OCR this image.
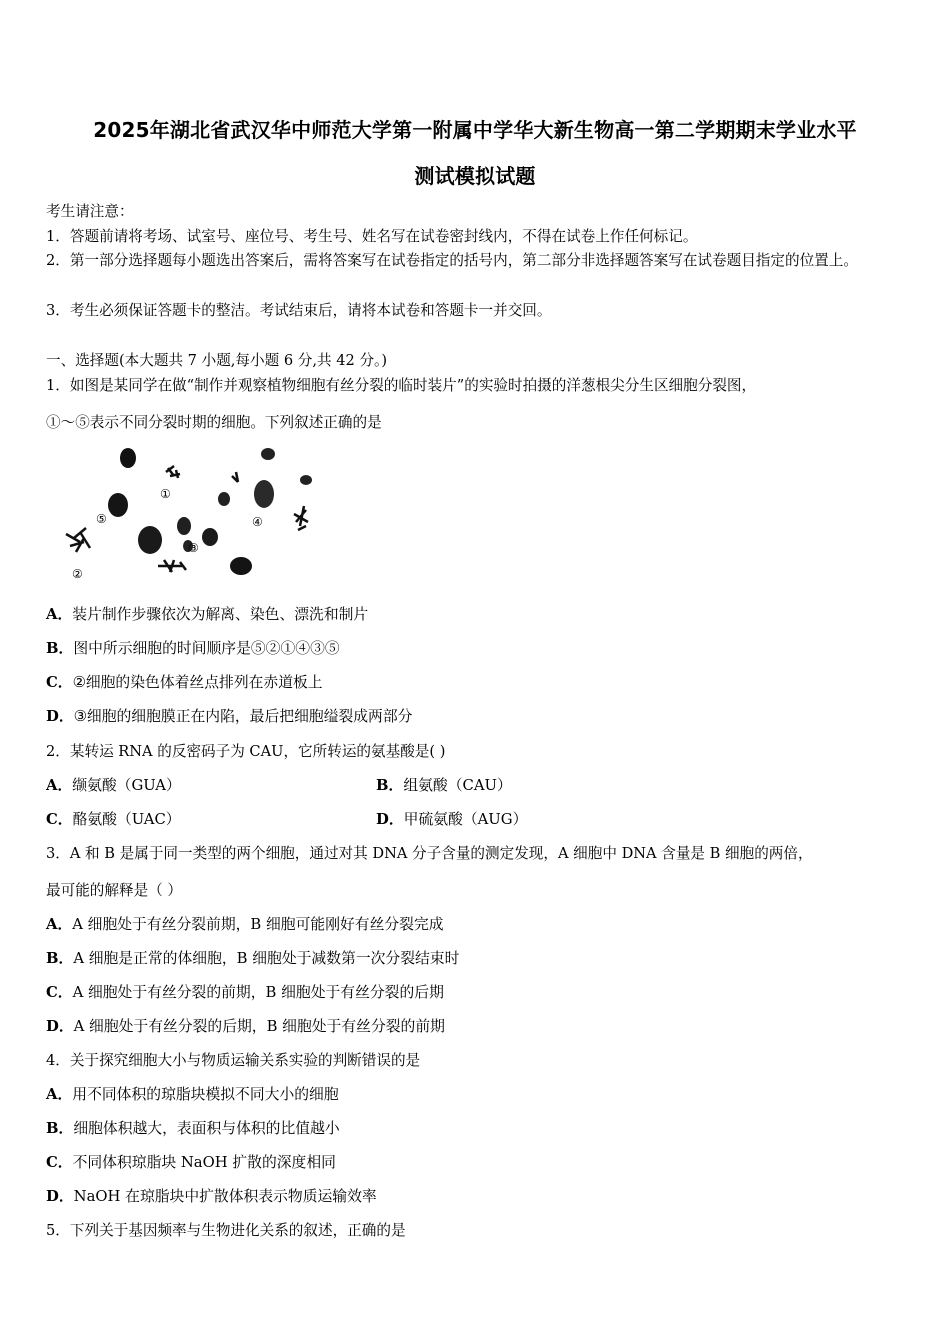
2025年湖北省武汉华中师范大学第一附属中学华大新生物高一第二学期期末学业水平
测试模拟试题
考生请注意：
1．答题前请将考场、试室号、座位号、考生号、姓名写在试卷密封线内，不得在试卷上作任何标记。
2．第一部分选择题每小题选出答案后，需将答案写在试卷指定的括号内，第二部分非选择题答案写在试卷题目指定的位置上。
3．考生必须保证答题卡的整洁。考试结束后，请将本试卷和答题卡一并交回。
一、选择题(本大题共 7 小题,每小题 6 分,共 42 分。)
1．如图是某同学在做“制作并观察植物细胞有丝分裂的临时装片”的实验时拍摄的洋葱根尖分生区细胞分裂图，
①～⑤表示不同分裂时期的细胞。下列叙述正确的是
①
②
③
④
⑤
A．装片制作步骤依次为解离、染色、漂洗和制片
B．图中所示细胞的时间顺序是⑤②①④③⑤
C．②细胞的染色体着丝点排列在赤道板上
D．③细胞的细胞膜正在内陷，最后把细胞缢裂成两部分
2．某转运 RNA 的反密码子为 CAU，它所转运的氨基酸是( )
A．缬氨酸（GUA）	B．组氨酸（CAU）
C．酪氨酸（UAC）	D．甲硫氨酸（AUG）
3．A 和 B 是属于同一类型的两个细胞，通过对其 DNA 分子含量的测定发现，A 细胞中 DNA 含量是 B 细胞的两倍，
最可能的解释是（ ）
A．A 细胞处于有丝分裂前期，B 细胞可能刚好有丝分裂完成
B．A 细胞是正常的体细胞，B 细胞处于减数第一次分裂结束时
C．A 细胞处于有丝分裂的前期，B 细胞处于有丝分裂的后期
D．A 细胞处于有丝分裂的后期，B 细胞处于有丝分裂的前期
4．关于探究细胞大小与物质运输关系实验的判断错误的是
A．用不同体积的琼脂块模拟不同大小的细胞
B．细胞体积越大，表面积与体积的比值越小
C．不同体积琼脂块 NaOH 扩散的深度相同
D．NaOH 在琼脂块中扩散体积表示物质运输效率
5．下列关于基因频率与生物进化关系的叙述，正确的是
